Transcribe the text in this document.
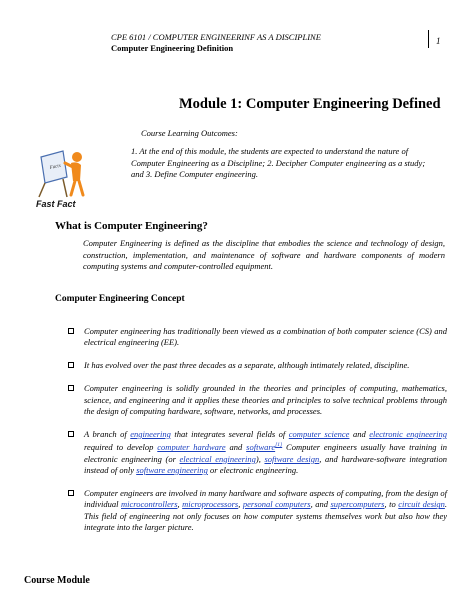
CPE 6101 / COMPUTER ENGINEERINF AS A DISCIPLINE
Computer Engineering Definition
1
Module 1: Computer Engineering Defined
Facts
Fast Fact
Course Learning Outcomes:
1. At the end of this module, the students are expected to understand the nature of Computer Engineering as a Discipline; 2. Decipher Computer engineering as a study; and 3. Define Computer engineering.
What is Computer Engineering?
Computer Engineering is defined as the discipline that embodies the science and technology of design, construction, implementation, and maintenance of software and hardware components of modern computing systems and computer-controlled equipment.
Computer Engineering Concept
Computer engineering has traditionally been viewed as a combination of both computer science (CS) and electrical engineering (EE).
It has evolved over the past three decades as a separate, although intimately related, discipline.
Computer engineering is solidly grounded in the theories and principles of computing, mathematics, science, and engineering and it applies these theories and principles to solve technical problems through the design of computing hardware, software, networks, and processes.
A branch of engineering that integrates several fields of computer science and electronic engineering required to develop computer hardware and software[1] Computer engineers usually have training in electronic engineering (or electrical engineering), software design, and hardware-software integration instead of only software engineering or electronic engineering.
Computer engineers are involved in many hardware and software aspects of computing, from the design of individual microcontrollers, microprocessors, personal computers, and supercomputers, to circuit design. This field of engineering not only focuses on how computer systems themselves work but also how they integrate into the larger picture.
Course Module
